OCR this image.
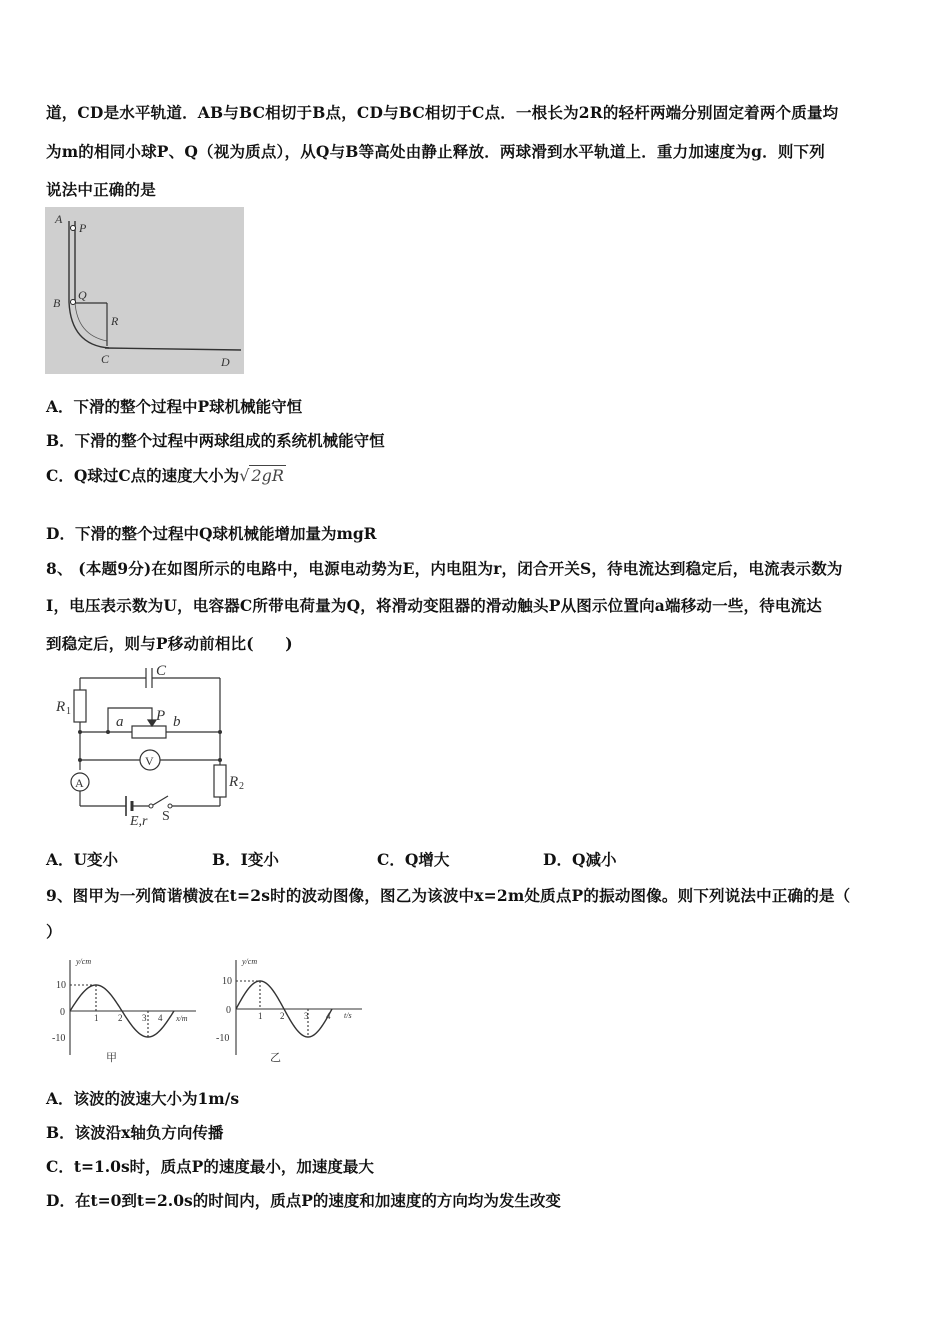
道，CD是水平轨道．AB与BC相切于B点，CD与BC相切于C点．一根长为2R的轻杆两端分别固定着两个质量均
为m的相同小球P、Q（视为质点），从Q与B等高处由静止释放．两球滑到水平轨道上．重力加速度为g．则下列
说法中正确的是
A
P
B
Q
R
C	D
A．下滑的整个过程中P球机械能守恒
B．下滑的整个过程中两球组成的系统机械能守恒
C．Q球过C点的速度大小为√ 2gR
D．下滑的整个过程中Q球机械能增加量为mgR
8、 (本题9分)在如图所示的电路中，电源电动势为E，内电阻为r，闭合开关S，待电流达到稳定后，电流表示数为
I，电压表示数为U，电容器C所带电荷量为Q，将滑动变阻器的滑动触头P从图示位置向a端移动一些，待电流达
到稳定后，则与P移动前相比(　　)
C
R 1
a P b
V
A	R 2
E,r S
A．U变小	B．I变小	C．Q增大	D．Q减小
9、图甲为一列简谐横波在t=2s时的波动图像，图乙为该波中x=2m处质点P的振动图像。则下列说法中正确的是（
）
y/cm
x/m
10
0
-10
1 2 3 4
甲
y/cm
t/s
10
0
-10
1 2 3 4
乙
A．该波的波速大小为1m/s
B．该波沿x轴负方向传播
C．t=1.0s时，质点P的速度最小，加速度最大
D．在t=0到t=2.0s的时间内，质点P的速度和加速度的方向均为发生改变
